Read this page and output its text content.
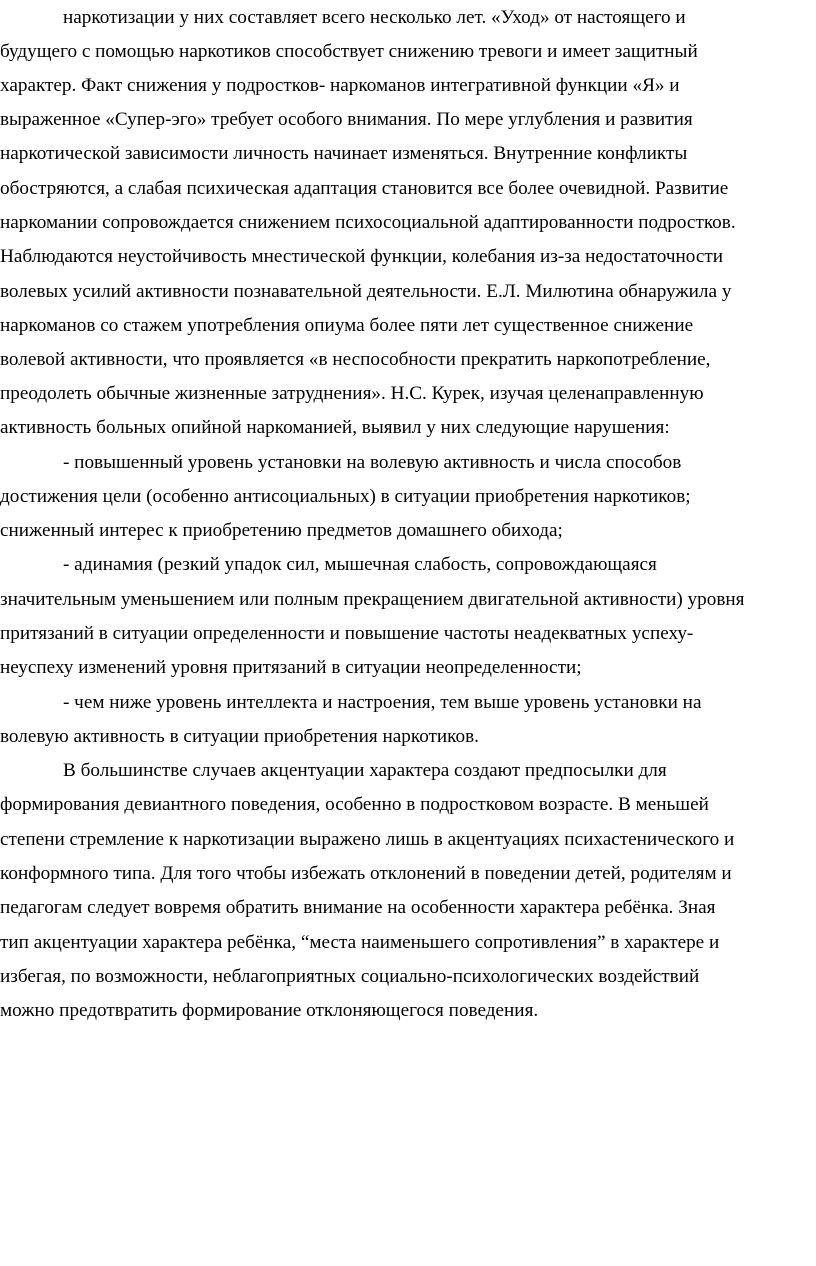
наркотизации у них составляет всего несколько лет. «Уход» от настоящего и
будущего с помощью наркотиков способствует снижению тревоги и имеет защитный
характер. Факт снижения у подростков- наркоманов интегративной функции «Я» и
выраженное «Супер-эго» требует особого внимания. По мере углубления и развития
наркотической зависимости личность начинает изменяться. Внутренние конфликты
обостряются, а слабая психическая адаптация становится все более очевидной. Развитие
наркомании сопровождается снижением психосоциальной адаптированности подростков.
Наблюдаются неустойчивость мнестической функции, колебания из-за недостаточности
волевых усилий активности познавательной деятельности. Е.Л. Милютина обнаружила у
наркоманов со стажем употребления опиума более пяти лет существенное снижение
волевой активности, что проявляется «в неспособности прекратить наркопотребление,
преодолеть обычные жизненные затруднения». Н.С. Курек, изучая целенаправленную
активность больных опийной наркоманией, выявил у них следующие нарушения:
- повышенный уровень установки на волевую активность и числа способов
достижения цели (особенно антисоциальных) в ситуации приобретения наркотиков;
сниженный интерес к приобретению предметов домашнего обихода;
- адинамия (резкий упадок сил, мышечная слабость, сопровождающаяся
значительным уменьшением или полным прекращением двигательной активности) уровня
притязаний в ситуации определенности и повышение частоты неадекватных успеху-
неуспеху изменений уровня притязаний в ситуации неопределенности;
- чем ниже уровень интеллекта и настроения, тем выше уровень установки на
волевую активность в ситуации приобретения наркотиков.
В большинстве случаев акцентуации характера создают предпосылки для
формирования девиантного поведения, особенно в подростковом возрасте. В меньшей
степени стремление к наркотизации выражено лишь в акцентуациях психастенического и
конформного типа. Для того чтобы избежать отклонений в поведении детей, родителям и
педагогам следует вовремя обратить внимание на особенности характера ребёнка. Зная
тип акцентуации характера ребёнка, “места наименьшего сопротивления” в характере и
избегая, по возможности, неблагоприятных социально-психологических воздействий
можно предотвратить формирование отклоняющегося поведения.
